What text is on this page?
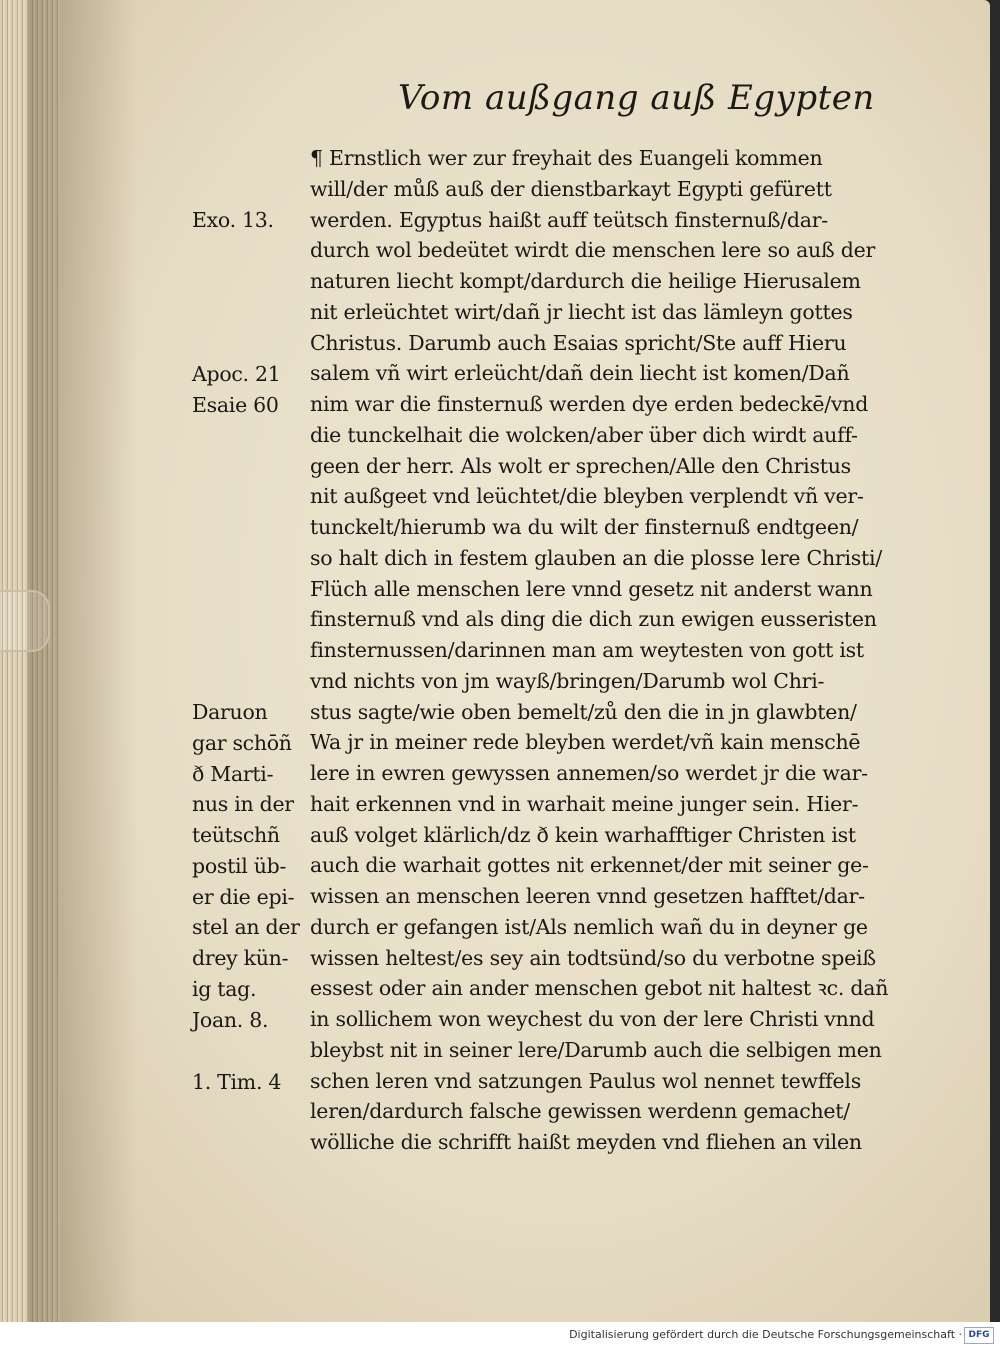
Vom außgang auß Egypten
¶ Ernstlich wer zur freyhait des Euangeli kommen
will/der můß auß der dienstbarkayt Egypti gefürett
werden. Egyptus haißt auff teütsch finsternuß/dar-
durch wol bedeütet wirdt die menschen lere so auß der
naturen liecht kompt/dardurch die heilige Hierusalem
nit erleüchtet wirt/dañ jr liecht ist das lämleyn gottes
Christus. Darumb auch Esaias spricht/Ste auff Hieru
salem vñ wirt erleücht/dañ dein liecht ist komen/Dañ
nim war die finsternuß werden dye erden bedeckē/vnd
die tunckelhait die wolcken/aber über dich wirdt auff-
geen der herr. Als wolt er sprechen/Alle den Christus
nit außgeet vnd leüchtet/die bleyben verplendt vñ ver-
tunckelt/hierumb wa du wilt der finsternuß endtgeen/
so halt dich in festem glauben an die plosse lere Christi/
Flüch alle menschen lere vnnd gesetz nit anderst wann
finsternuß vnd als ding die dich zun ewigen eusseristen
finsternussen/darinnen man am weytesten von gott ist
vnd nichts von jm wayß/bringen/Darumb wol Chri-
stus sagte/wie oben bemelt/zů den die in jn glawbten/
Wa jr in meiner rede bleyben werdet/vñ kain menschē
lere in ewren gewyssen annemen/so werdet jr die war-
hait erkennen vnd in warhait meine junger sein. Hier-
auß volget klärlich/dz ð kein warhafftiger Christen ist
auch die warhait gottes nit erkennet/der mit seiner ge-
wissen an menschen leeren vnnd gesetzen hafftet/dar-
durch er gefangen ist/Als nemlich wañ du in deyner ge
wissen heltest/es sey ain todtsünd/so du verbotne speiß
essest oder ain ander menschen gebot nit haltest ꝛc. dañ
in sollichem won weychest du von der lere Christi vnnd
bleybst nit in seiner lere/Darumb auch die selbigen men
schen leren vnd satzungen Paulus wol nennet tewffels
leren/dardurch falsche gewissen werdenn gemachet/
wölliche die schrifft haißt meyden vnd fliehen an vilen
Exo. 13.
Apoc. 21
Esaie 60
Daruon
gar schōñ
ð Marti-
nus in der
teütschñ
postil üb-
er die epi-
stel an der
drey kün-
ig tag.
Joan. 8.
1. Tim. 4
Digitalisierung gefördert durch die Deutsche Forschungsgemeinschaft · DFG
